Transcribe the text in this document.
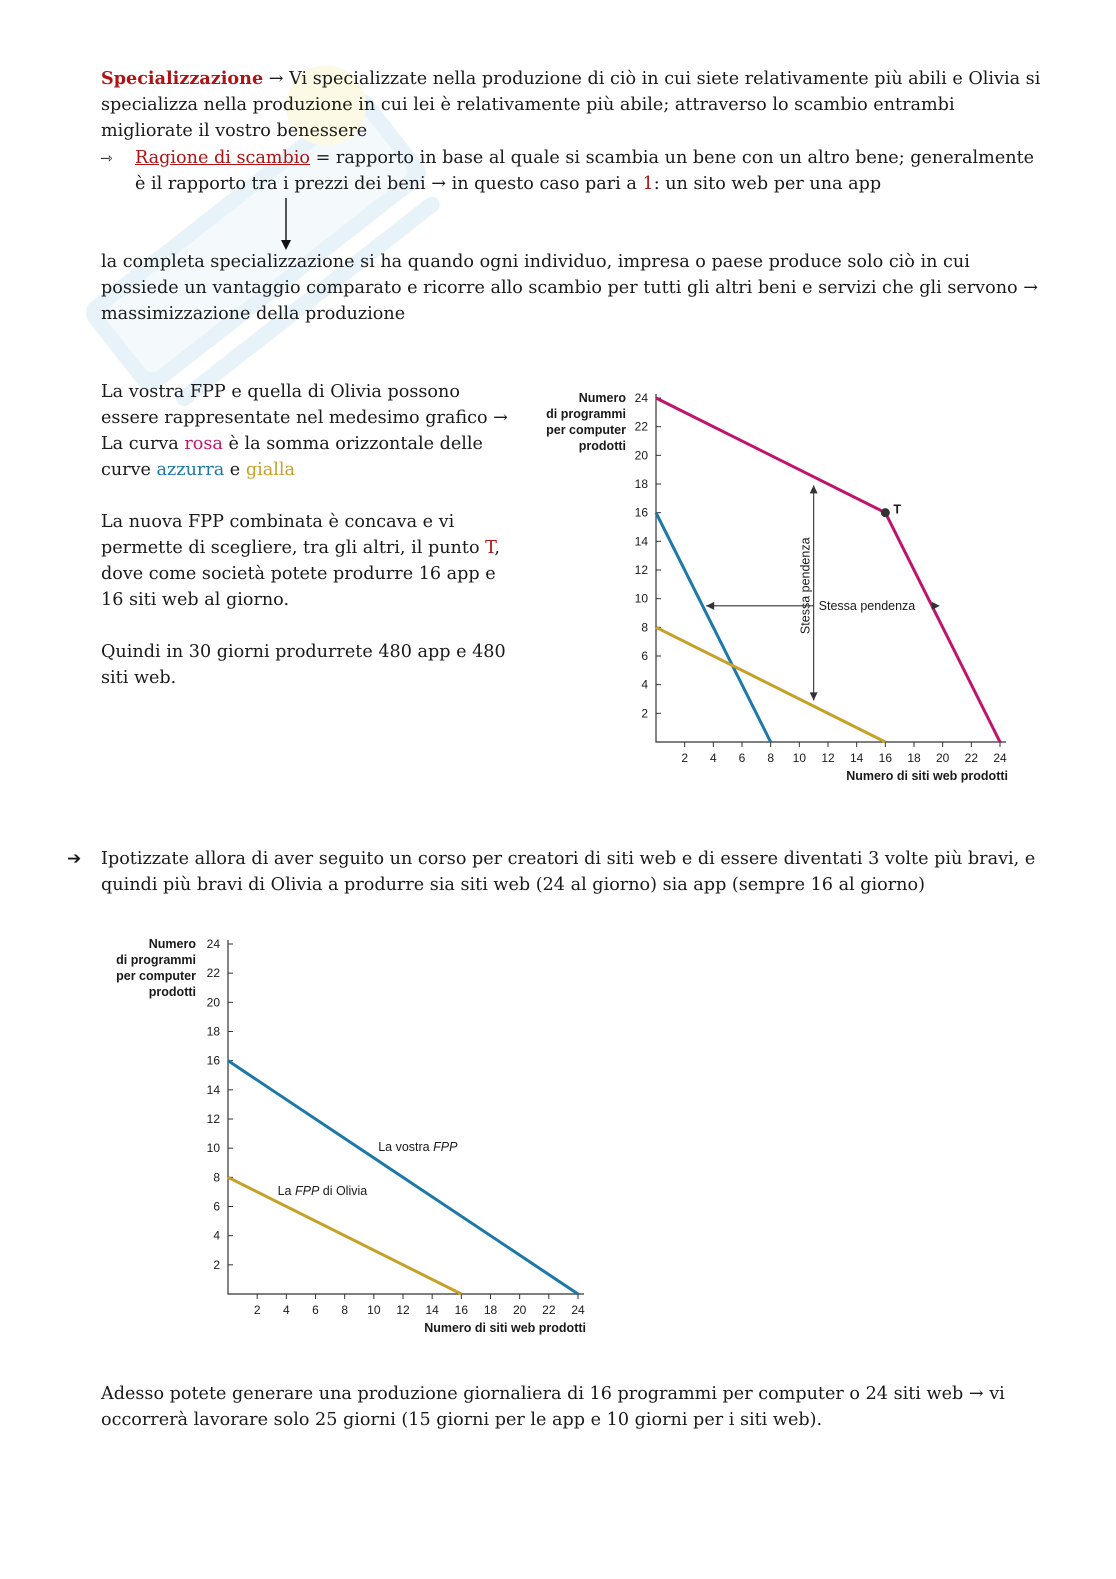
Specializzazione → Vi specializzate nella produzione di ciò in cui siete relativamente più abili e Olivia si specializza nella produzione in cui lei è relativamente più abile; attraverso lo scambio entrambi migliorate il vostro benessere
⇾	Ragione di scambio = rapporto in base al quale si scambia un bene con un altro bene; generalmente è il rapporto tra i prezzi dei beni → in questo caso pari a 1: un sito web per una app
la completa specializzazione si ha quando ogni individuo, impresa o paese produce solo ciò in cui possiede un vantaggio comparato e ricorre allo scambio per tutti gli altri beni e servizi che gli servono → massimizzazione della produzione
La vostra FPP e quella di Olivia possono essere rappresentate nel medesimo grafico → La curva rosa è la somma orizzontale delle curve azzurra e gialla
La nuova FPP combinata è concava e vi permette di scegliere, tra gli altri, il punto T, dove come società potete produrre 16 app e 16 siti web al giorno.
Quindi in 30 giorni produrrete 480 app e 480 siti web.
2 4 6 8 10 12 14 16 18 20 22 24
2
4
6
8
10
12
14
16
18
20
22
24
Numero
di programmi
per computer
prodotti
Numero di siti web prodotti
T
Stessa pendenza Stessa pendenza
➔ Ipotizzate allora di aver seguito un corso per creatori di siti web e di essere diventati 3 volte più bravi, e quindi più bravi di Olivia a produrre sia siti web (24 al giorno) sia app (sempre 16 al giorno)
2 4 6 8 10 12 14 16 18 20 22 24
2
4
6
8
10
12
14
16
18
20
22
24
Numero
di programmi
per computer
prodotti
Numero di siti web prodotti
La vostra FPP
La FPP di Olivia
Adesso potete generare una produzione giornaliera di 16 programmi per computer o 24 siti web → vi occorrerà lavorare solo 25 giorni (15 giorni per le app e 10 giorni per i siti web).
